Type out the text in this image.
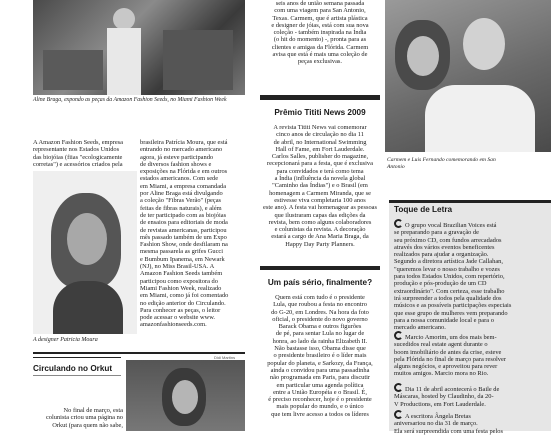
Aline Braga, expondo as peças da Amazon Fashion Seeds, no Miami Fashion Week
A Amazon Fashion Seeds, empresa
representante nos Estados Unidos
das biojóias (fiias "ecologicamente
corretas") e acessórios criados pela
A designer Patricia Moura
brasileira Patrícia Moura, que está
entrando no mercado americano
agora, já esteve participando
de diversos fashion shows e
exposições na Flórida e em outros
estados americanos. Com sede
em Miami, a empresa comandada
por Aline Braga está divulgando
a coleção "Fibras Verão" (peças
feitas de fibras naturais), e além
de ter participado com as biojóias
de ensaios para editoriais de moda
de revistas americanas, participou
mês passado também de um Expo
Fashion Show, onde desfilaram na
mesma passarela as grifes Gucci
e Bumbum Ipanema, em Newark
(NJ), no Miss Brasil-USA. A
Amazon Fashion Seeds também
participou como expositora do
Miami Fashion Week, realizado
em Miami, como já foi comentado
no edição anterior do Circulando.
Para conhecer as peças, o leitor
pode acessar o website www.
amazonfashionseeds.com.
Didi Martins
Circulando no Orkut
No final de março, esta
colunista criou uma página no
Orkut (para quem não sabe,
seis anos de união semana passada
com uma viagem para San Antonio,
Texas. Carmem, que é artista plástica
e designer de jóias, está com sua nova
coleção - também inspirada na Índia
(o hit do momento) -, pronta para as
clientes e amigas da Flórida. Carmem
avisa que está é mais uma coleção de
peças exclusivas.
Prêmio Tititi News 2009
A revista Tititi News vai comemorar
cinco anos de circulação no dia 11
de abril, no International Swimming
Hall of Fame, em Fort Lauderdale.
Carlos Salles, publisher do magazine,
recepcionará para a festa, que é exclusiva
para convidados e terá como tema
a Índia (influência da novela global
"Caminho das Índias") e o Brasil (em
homenagem a Carmem Miranda, que se
estivesse viva completaria 100 anos
este ano). A festa vai homenagear as pessoas
que ilustraram capas das edições da
revista, bem como alguns colaboradores
e colunistas da revista. A decoração
estará a cargo de Ana Maria Braga, da
Happy Day Party Planners.
Um país sério, finalmente?
Quem está com tudo é o presidente
Lula, que roubou a festa no encontro
do G-20, em Londres. Na hora da foto
oficial, o presidente do novo governo
Barack Obama e outros figurões
de pé, para sentar Lula no lugar de
honra, ao lado da rainha Elizabeth II.
Não bastasse isso, Obama disse que
o presidente brasileiro é o líder mais
popular do planeta, e Sarkozy, da França,
ainda o convidou para uma passadinha
não programada em Paris, para discutir
em particular uma agenda política
entre a União Européia e o Brasil. É,
é preciso reconhecer, hoje é o presidente
mais popular do mundo, e o único
que tem livre acesso a todos os líderes
Carmem e Luis Fernando comemorando em San
Antonio
Toque de Letra
O grupo vocal Brazilian Voices está
se preparando para a gravação de
seu próximo CD, com fundos arrecadados
através dos vários eventos beneficentes
realizados para ajudar a organização.
Segundo a diretora artística Jade Callahan,
"queremos levar o nosso trabalho e vozes
para todos Estados Unidos, com repertório,
produção e pós-produção de um CD
extraordinário". Com certeza, esse trabalho
irá surpreender a todos pela qualidade dos
músicos e as possíveis participações especiais
que esse grupo de mulheres vem preparando
para a nossa comunidade local e para o
mercado americano.
Marcio Amorim, um dos mais bem-
sucedidos real estate agent durante o
boom imobiliário de antes da crise, esteve
pela Flórida no final de março para resolver
alguns negócios, e aproveitou para rever
muitos amigos. Marcio mora no Rio.
Dia 11 de abril acontecerá o Baile de
Máscaras, hosted by Claudinho, da 20-
V Productions, em Fort Lauderdale.
A escritora Ângela Bretas
aniversariou no dia 31 de março.
Ela será surpreendida com uma festa pelos
